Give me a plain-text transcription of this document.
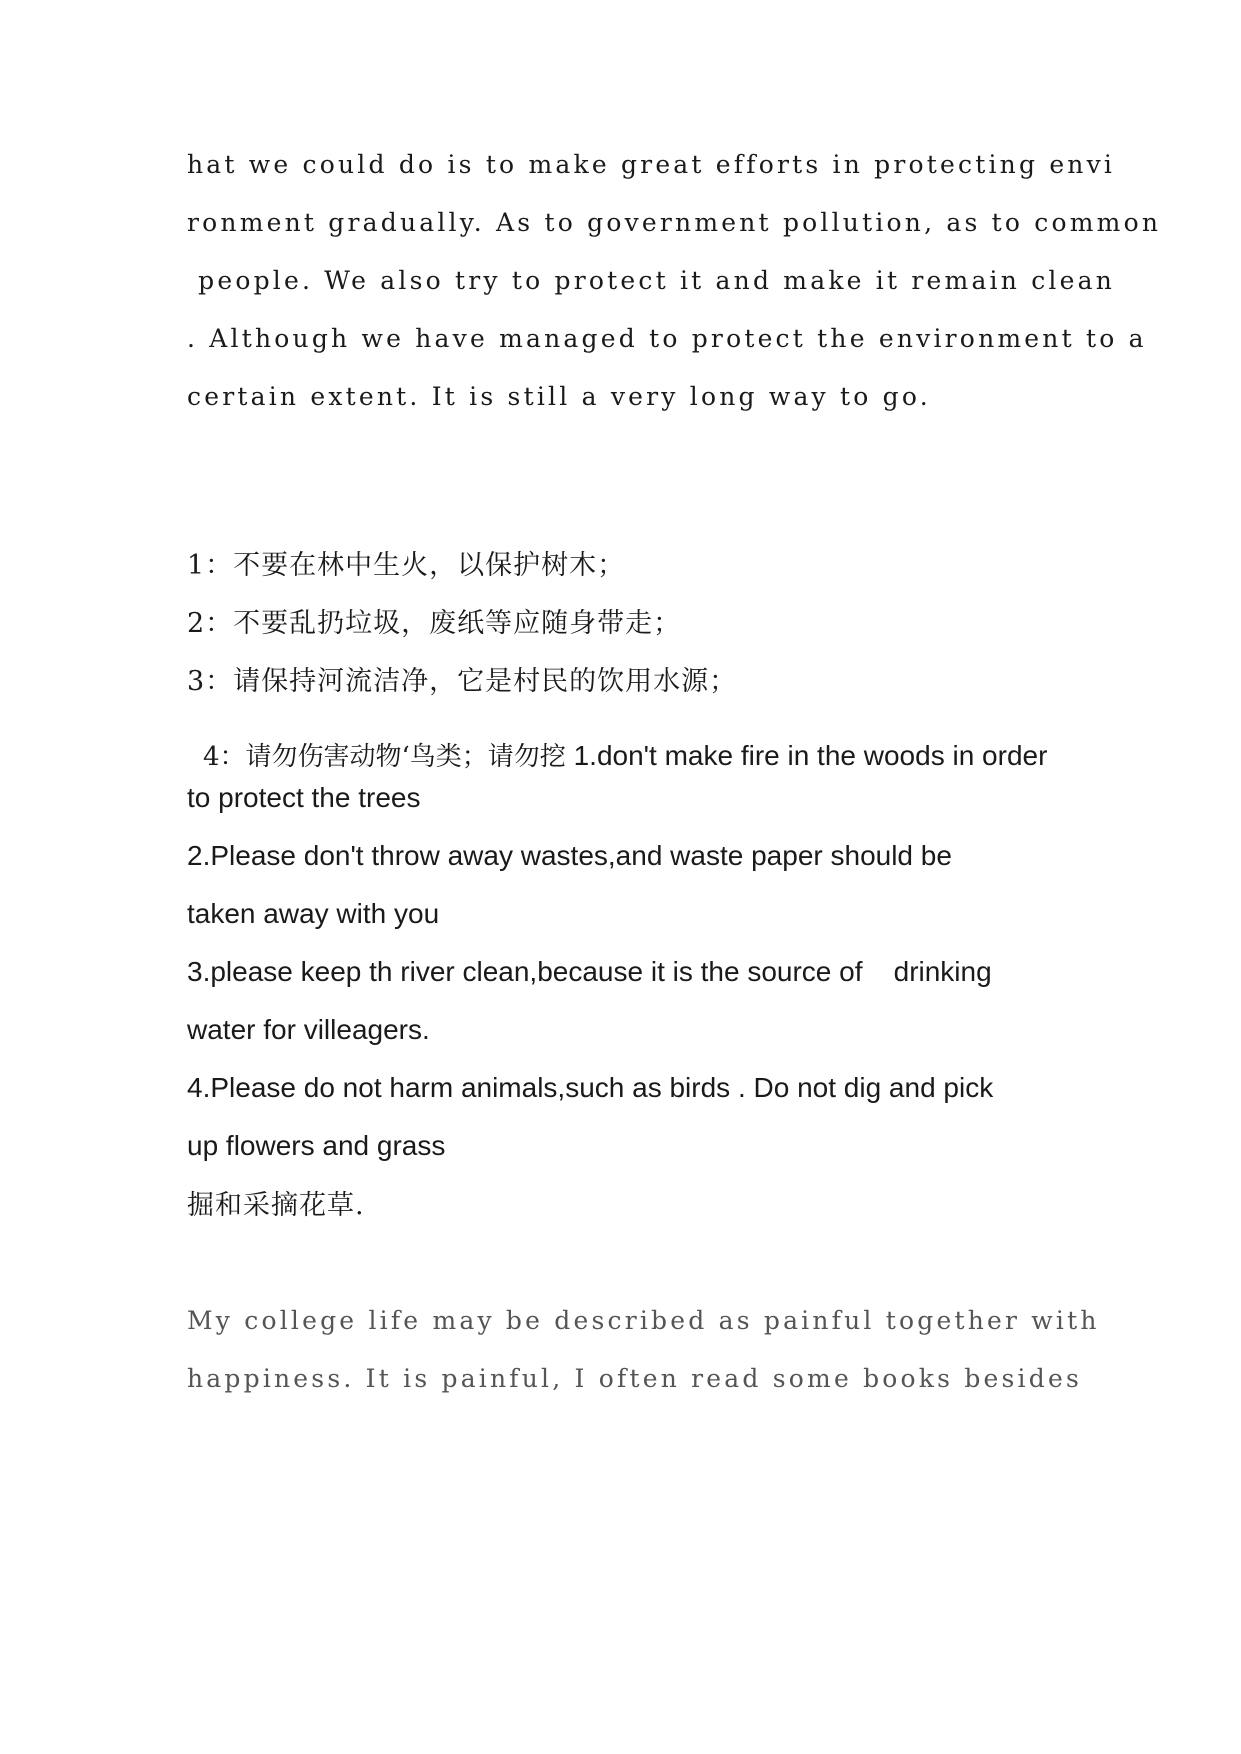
hat we could do is to make great efforts in protecting envi
ronment gradually. As to government pollution, as to common
people. We also try to protect it and make it remain clean
. Although we have managed to protect the environment to a
certain extent. It is still a very long way to go.
1：不要在林中生火，以保护树木；
2：不要乱扔垃圾，废纸等应随身带走；
3：请保持河流洁净，它是村民的饮用水源；

4：请勿伤害动物‘鸟类；请勿挖 1.don't make fire in the woods in order

to protect the trees
2.Please don't throw away wastes,and waste paper should be
taken away with you
3.please keep th river clean,because it is the source of    drinking
water for villeagers.
4.Please do not harm animals,such as birds . Do not dig and pick
up flowers and grass
掘和采摘花草.
My college life may be described as painful together with
happiness. It is painful, I often read some books besides
